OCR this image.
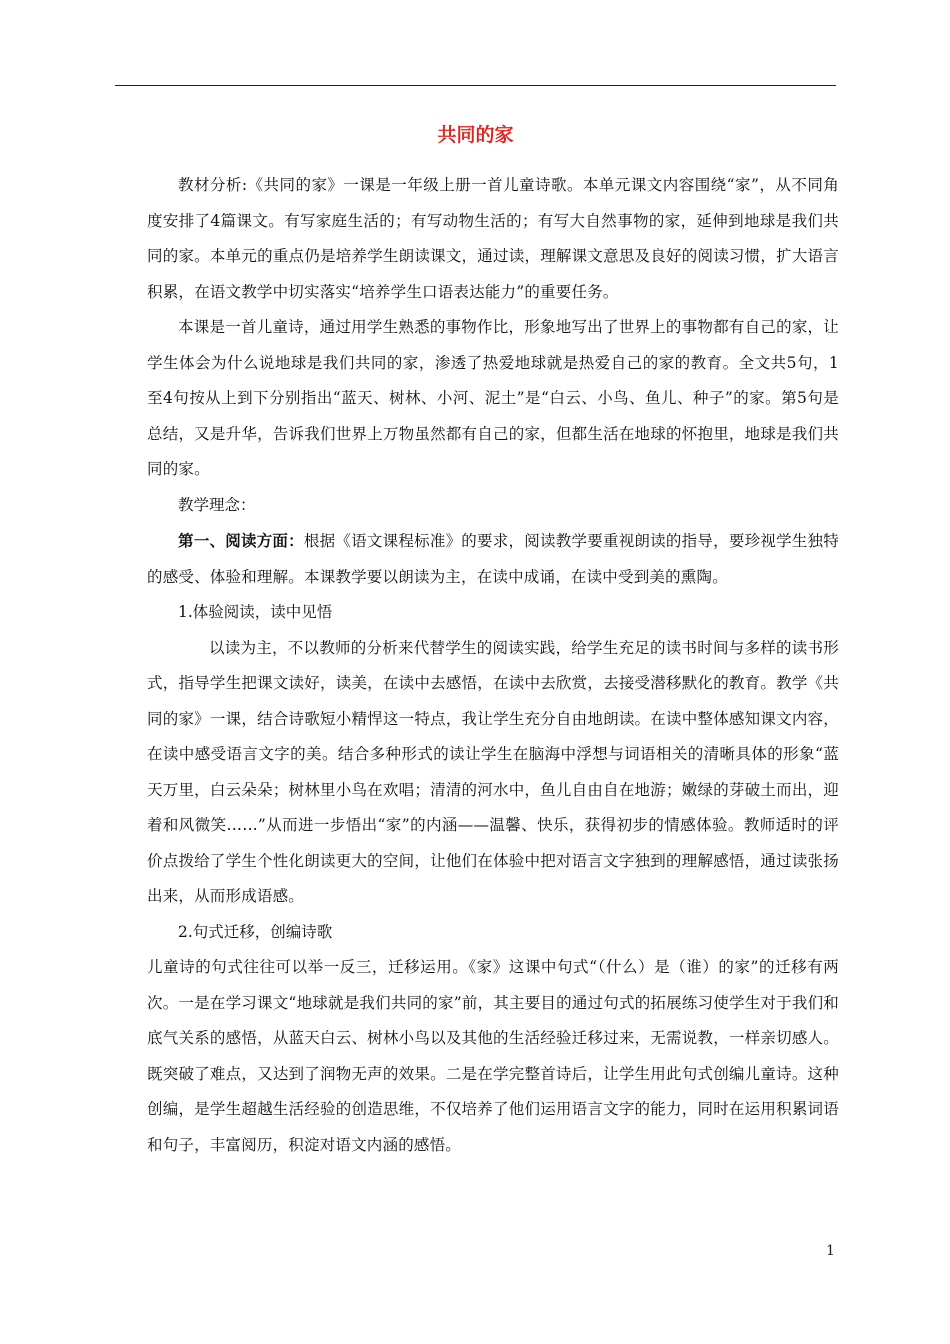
共同的家

教材分析:《共同的家》一课是一年级上册一首儿童诗歌。本单元课文内容围绕“家”，从不同角度安排了4篇课文。有写家庭生活的；有写动物生活的；有写大自然事物的家，延伸到地球是我们共同的家。本单元的重点仍是培养学生朗读课文，通过读，理解课文意思及良好的阅读习惯，扩大语言积累，在语文教学中切实落实“培养学生口语表达能力”的重要任务。

本课是一首儿童诗，通过用学生熟悉的事物作比，形象地写出了世界上的事物都有自己的家，让学生体会为什么说地球是我们共同的家，渗透了热爱地球就是热爱自己的家的教育。全文共5句，1至4句按从上到下分别指出“蓝天、树林、小河、泥土”是“白云、小鸟、鱼儿、种子”的家。第5句是总结，又是升华，告诉我们世界上万物虽然都有自己的家，但都生活在地球的怀抱里，地球是我们共同的家。

教学理念：

第一、阅读方面：根据《语文课程标准》的要求，阅读教学要重视朗读的指导，要珍视学生独特的感受、体验和理解。本课教学要以朗读为主，在读中成诵，在读中受到美的熏陶。

1.体验阅读，读中见悟

以读为主，不以教师的分析来代替学生的阅读实践，给学生充足的读书时间与多样的读书形式，指导学生把课文读好，读美，在读中去感悟，在读中去欣赏，去接受潜移默化的教育。教学《共同的家》一课，结合诗歌短小精悍这一特点，我让学生充分自由地朗读。在读中整体感知课文内容，在读中感受语言文字的美。结合多种形式的读让学生在脑海中浮想与词语相关的清晰具体的形象“蓝天万里，白云朵朵；树林里小鸟在欢唱；清清的河水中，鱼儿自由自在地游；嫩绿的芽破土而出，迎着和风微笑……”从而进一步悟出“家”的内涵——温馨、快乐，获得初步的情感体验。教师适时的评价点拨给了学生个性化朗读更大的空间，让他们在体验中把对语言文字独到的理解感悟，通过读张扬出来，从而形成语感。

2.句式迁移，创编诗歌

儿童诗的句式往往可以举一反三，迁移运用。《家》这课中句式“（什么）是（谁）的家”的迁移有两次。一是在学习课文“地球就是我们共同的家”前，其主要目的通过句式的拓展练习使学生对于我们和底气关系的感悟，从蓝天白云、树林小鸟以及其他的生活经验迁移过来，无需说教，一样亲切感人。既突破了难点，又达到了润物无声的效果。二是在学完整首诗后，让学生用此句式创编儿童诗。这种创编，是学生超越生活经验的创造思维，不仅培养了他们运用语言文字的能力，同时在运用积累词语和句子，丰富阅历，积淀对语文内涵的感悟。

1
